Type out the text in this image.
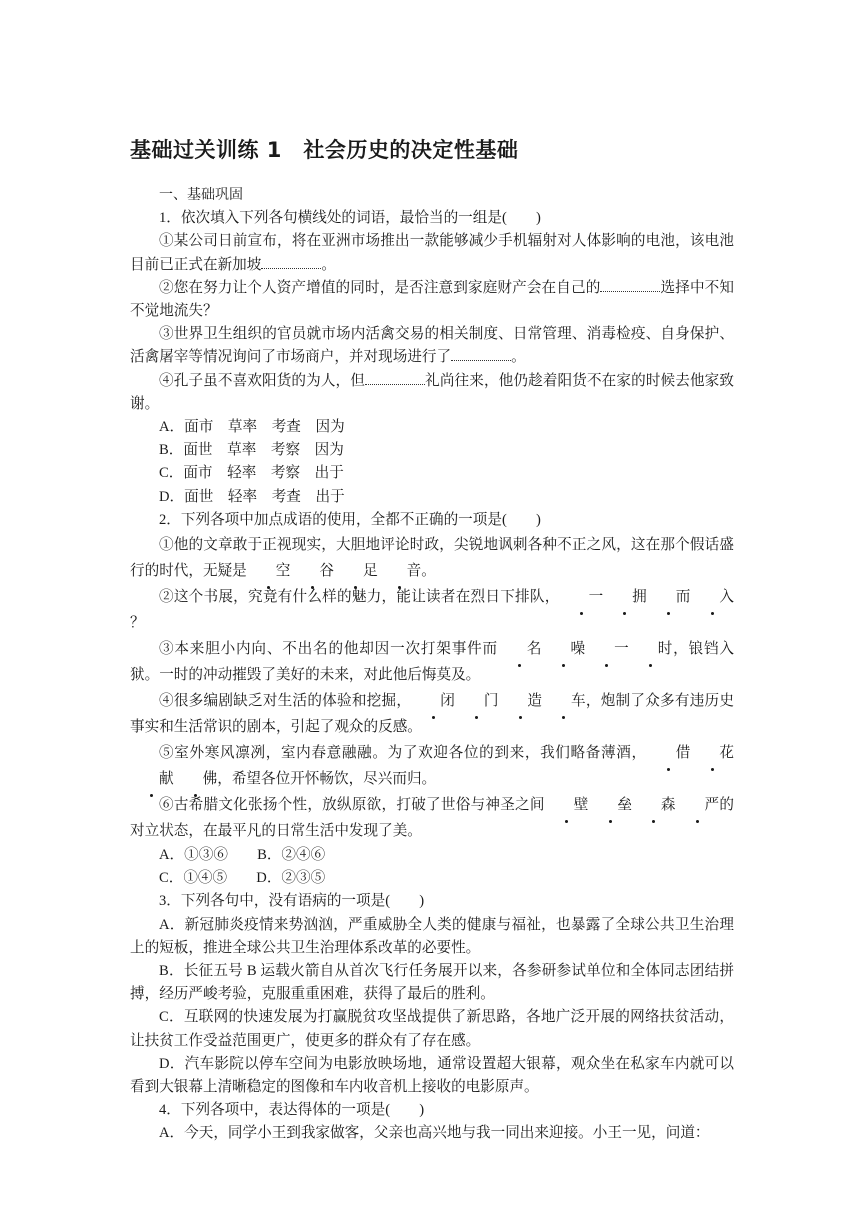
基础过关训练 1　社会历史的决定性基础

一、基础巩固

1．依次填入下列各句横线处的词语，最恰当的一组是(　　)

①某公司日前宣布，将在亚洲市场推出一款能够减少手机辐射对人体影响的电池，该电池目前已正式在新加坡	。

②您在努力让个人资产增值的同时，是否注意到家庭财产会在自己的	选择中不知不觉地流失？

③世界卫生组织的官员就市场内活禽交易的相关制度、日常管理、消毒检疫、自身保护、活禽屠宰等情况询问了市场商户，并对现场进行了	。

④孔子虽不喜欢阳货的为人，但	礼尚往来，他仍趁着阳货不在家的时候去他家致谢。

A．面市　草率　考查　因为

B．面世　草率　考察　因为

C．面市　轻率　考察　出于

D．面世　轻率　考查　出于

2．下列各项中加点成语的使用，全都不正确的一项是(　　)

①他的文章敢于正视现实，大胆地评论时政，尖锐地讽刺各种不正之风，这在那个假话盛行的时代，无疑是 空 谷 足 音。

②这个书展，究竟有什么样的魅力，能让读者在烈日下排队， 一 拥 而 入？

③本来胆小内向、不出名的他却因一次打架事件而 名 噪 一 时，锒铛入狱。一时的冲动摧毁了美好的未来，对此他后悔莫及。

④很多编剧缺乏对生活的体验和挖掘， 闭 门 造 车，炮制了众多有违历史事实和生活常识的剧本，引起了观众的反感。

⑤室外寒风凛冽，室内春意融融。为了欢迎各位的到来，我们略备薄酒， 借 花献 佛，希望各位开怀畅饮，尽兴而归。

⑥古希腊文化张扬个性，放纵原欲，打破了世俗与神圣之间 壁 垒 森 严的对立状态，在最平凡的日常生活中发现了美。

A．①③⑥　　B．②④⑥

C．①④⑤　　D．②③⑤

3．下列各句中，没有语病的一项是(　　)

A．新冠肺炎疫情来势汹汹，严重威胁全人类的健康与福祉，也暴露了全球公共卫生治理上的短板，推进全球公共卫生治理体系改革的必要性。

B．长征五号 B 运载火箭自从首次飞行任务展开以来，各参研参试单位和全体同志团结拼搏，经历严峻考验，克服重重困难，获得了最后的胜利。

C．互联网的快速发展为打赢脱贫攻坚战提供了新思路，各地广泛开展的网络扶贫活动，让扶贫工作受益范围更广，使更多的群众有了存在感。

D．汽车影院以停车空间为电影放映场地，通常设置超大银幕，观众坐在私家车内就可以看到大银幕上清晰稳定的图像和车内收音机上接收的电影原声。

4．下列各项中，表达得体的一项是(　　)

A．今天，同学小王到我家做客，父亲也高兴地与我一同出来迎接。小王一见，问道：
